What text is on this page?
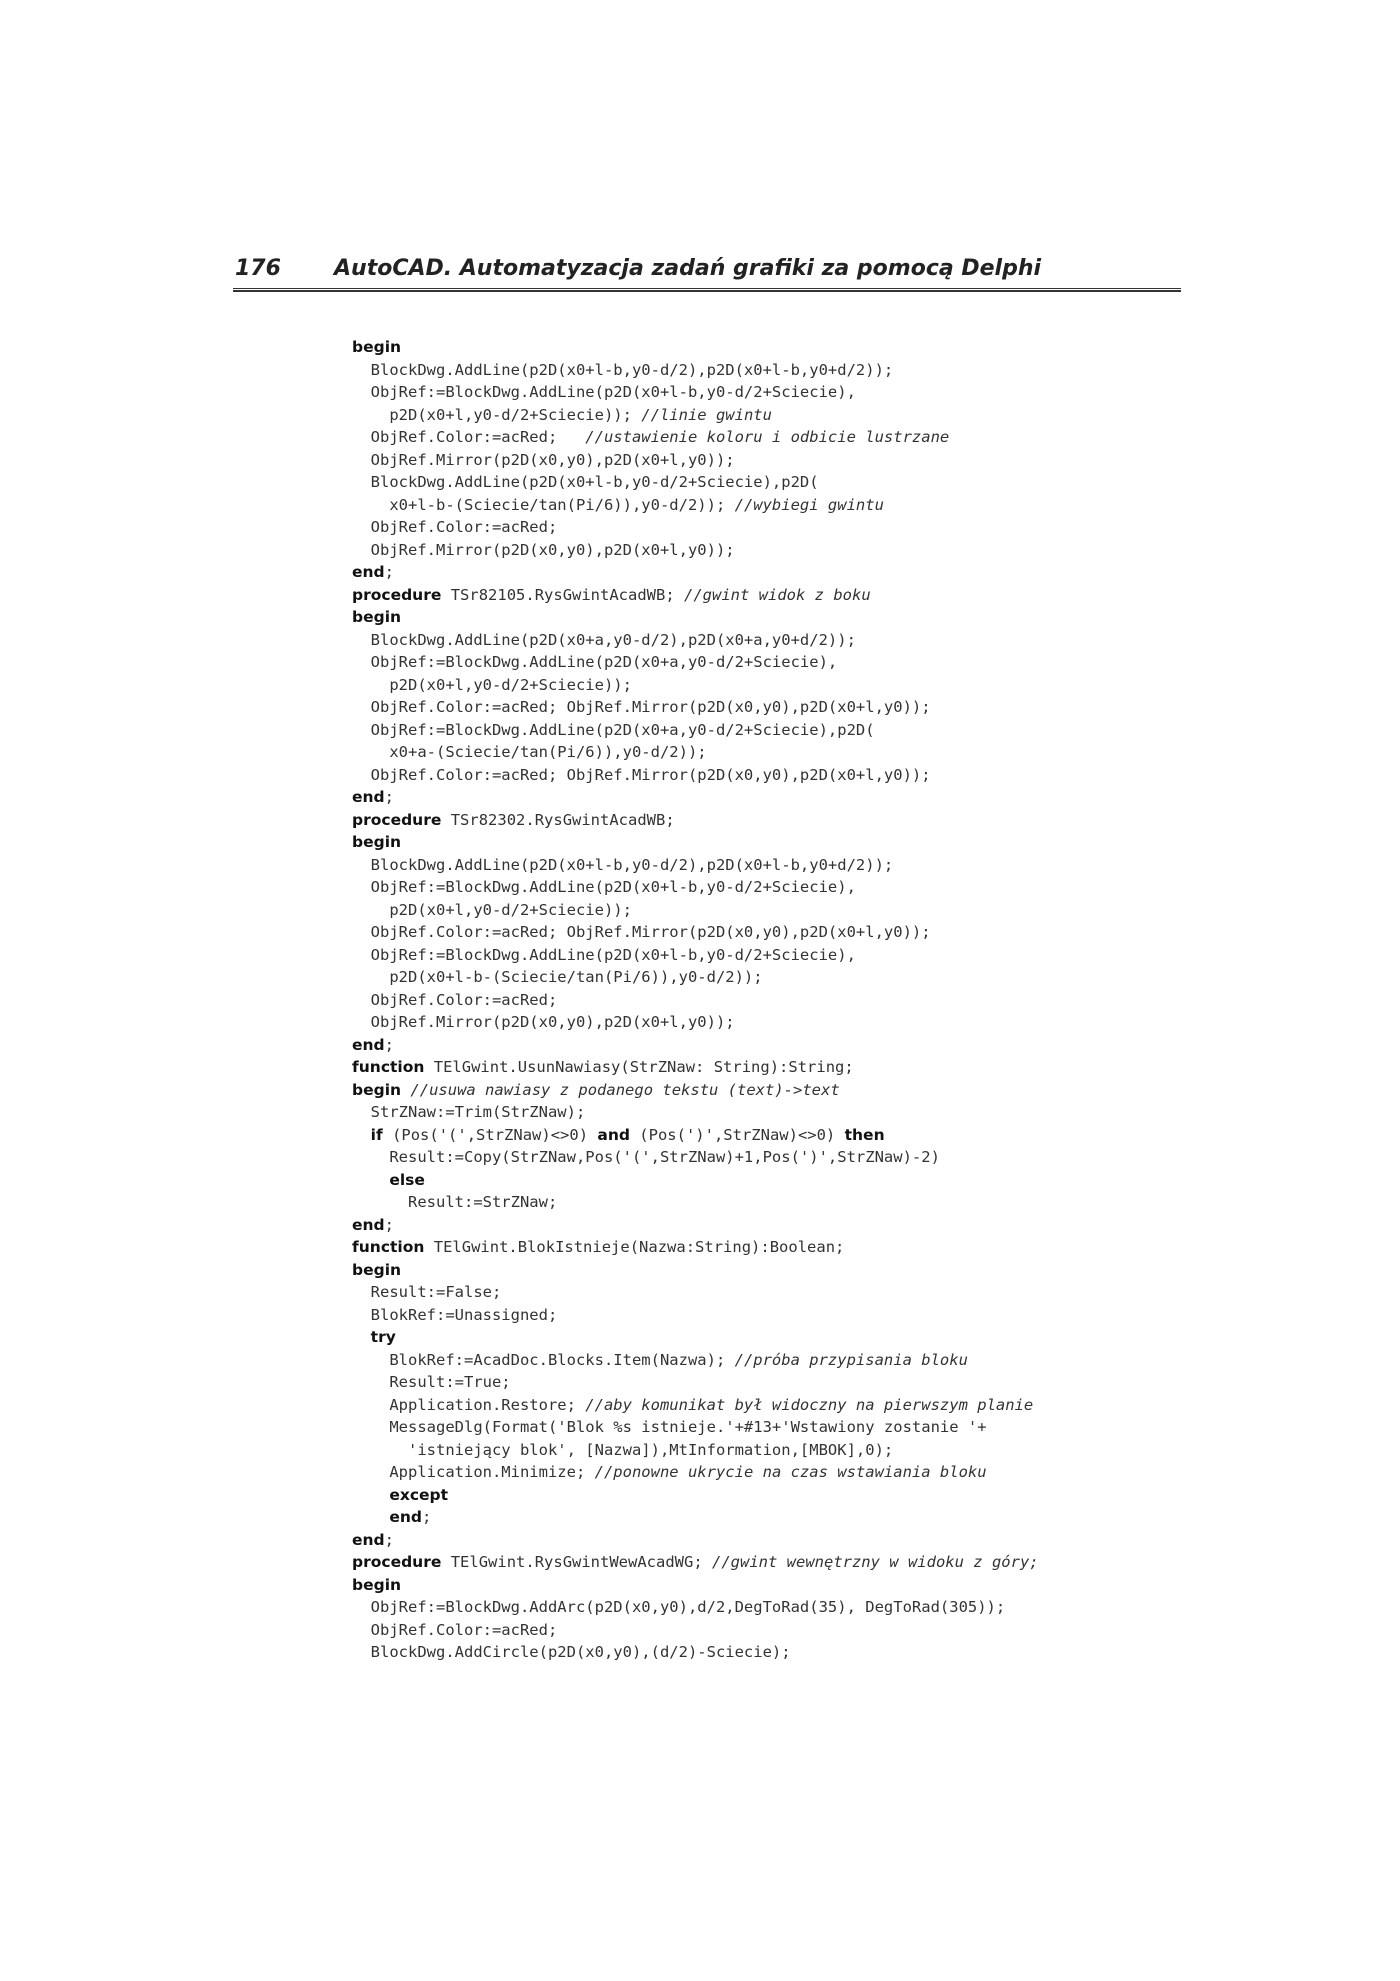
176 AutoCAD. Automatyzacja zadań grafiki za pomocą Delphi
begin
BlockDwg.AddLine(p2D(x0+l-b,y0-d/2),p2D(x0+l-b,y0+d/2));
ObjRef:=BlockDwg.AddLine(p2D(x0+l-b,y0-d/2+Sciecie),
p2D(x0+l,y0-d/2+Sciecie)); //linie gwintu
ObjRef.Color:=acRed;   //ustawienie koloru i odbicie lustrzane
ObjRef.Mirror(p2D(x0,y0),p2D(x0+l,y0));
BlockDwg.AddLine(p2D(x0+l-b,y0-d/2+Sciecie),p2D(
x0+l-b-(Sciecie/tan(Pi/6)),y0-d/2)); //wybiegi gwintu
ObjRef.Color:=acRed;
ObjRef.Mirror(p2D(x0,y0),p2D(x0+l,y0));
end;
procedure TSr82105.RysGwintAcadWB; //gwint widok z boku
begin
BlockDwg.AddLine(p2D(x0+a,y0-d/2),p2D(x0+a,y0+d/2));
ObjRef:=BlockDwg.AddLine(p2D(x0+a,y0-d/2+Sciecie),
p2D(x0+l,y0-d/2+Sciecie));
ObjRef.Color:=acRed; ObjRef.Mirror(p2D(x0,y0),p2D(x0+l,y0));
ObjRef:=BlockDwg.AddLine(p2D(x0+a,y0-d/2+Sciecie),p2D(
x0+a-(Sciecie/tan(Pi/6)),y0-d/2));
ObjRef.Color:=acRed; ObjRef.Mirror(p2D(x0,y0),p2D(x0+l,y0));
end;
procedure TSr82302.RysGwintAcadWB;
begin
BlockDwg.AddLine(p2D(x0+l-b,y0-d/2),p2D(x0+l-b,y0+d/2));
ObjRef:=BlockDwg.AddLine(p2D(x0+l-b,y0-d/2+Sciecie),
p2D(x0+l,y0-d/2+Sciecie));
ObjRef.Color:=acRed; ObjRef.Mirror(p2D(x0,y0),p2D(x0+l,y0));
ObjRef:=BlockDwg.AddLine(p2D(x0+l-b,y0-d/2+Sciecie),
p2D(x0+l-b-(Sciecie/tan(Pi/6)),y0-d/2));
ObjRef.Color:=acRed;
ObjRef.Mirror(p2D(x0,y0),p2D(x0+l,y0));
end;
function TElGwint.UsunNawiasy(StrZNaw: String):String;
begin //usuwa nawiasy z podanego tekstu (text)->text
StrZNaw:=Trim(StrZNaw);
if (Pos('(',StrZNaw)<>0) and (Pos(')',StrZNaw)<>0) then
Result:=Copy(StrZNaw,Pos('(',StrZNaw)+1,Pos(')',StrZNaw)-2)
else
Result:=StrZNaw;
end;
function TElGwint.BlokIstnieje(Nazwa:String):Boolean;
begin
Result:=False;
BlokRef:=Unassigned;
try
BlokRef:=AcadDoc.Blocks.Item(Nazwa); //próba przypisania bloku
Result:=True;
Application.Restore; //aby komunikat był widoczny na pierwszym planie
MessageDlg(Format('Blok %s istnieje.'+#13+'Wstawiony zostanie '+
'istniejący blok', [Nazwa]),MtInformation,[MBOK],0);
Application.Minimize; //ponowne ukrycie na czas wstawiania bloku
except
end;
end;
procedure TElGwint.RysGwintWewAcadWG; //gwint wewnętrzny w widoku z góry;
begin
ObjRef:=BlockDwg.AddArc(p2D(x0,y0),d/2,DegToRad(35), DegToRad(305));
ObjRef.Color:=acRed;
BlockDwg.AddCircle(p2D(x0,y0),(d/2)-Sciecie);
